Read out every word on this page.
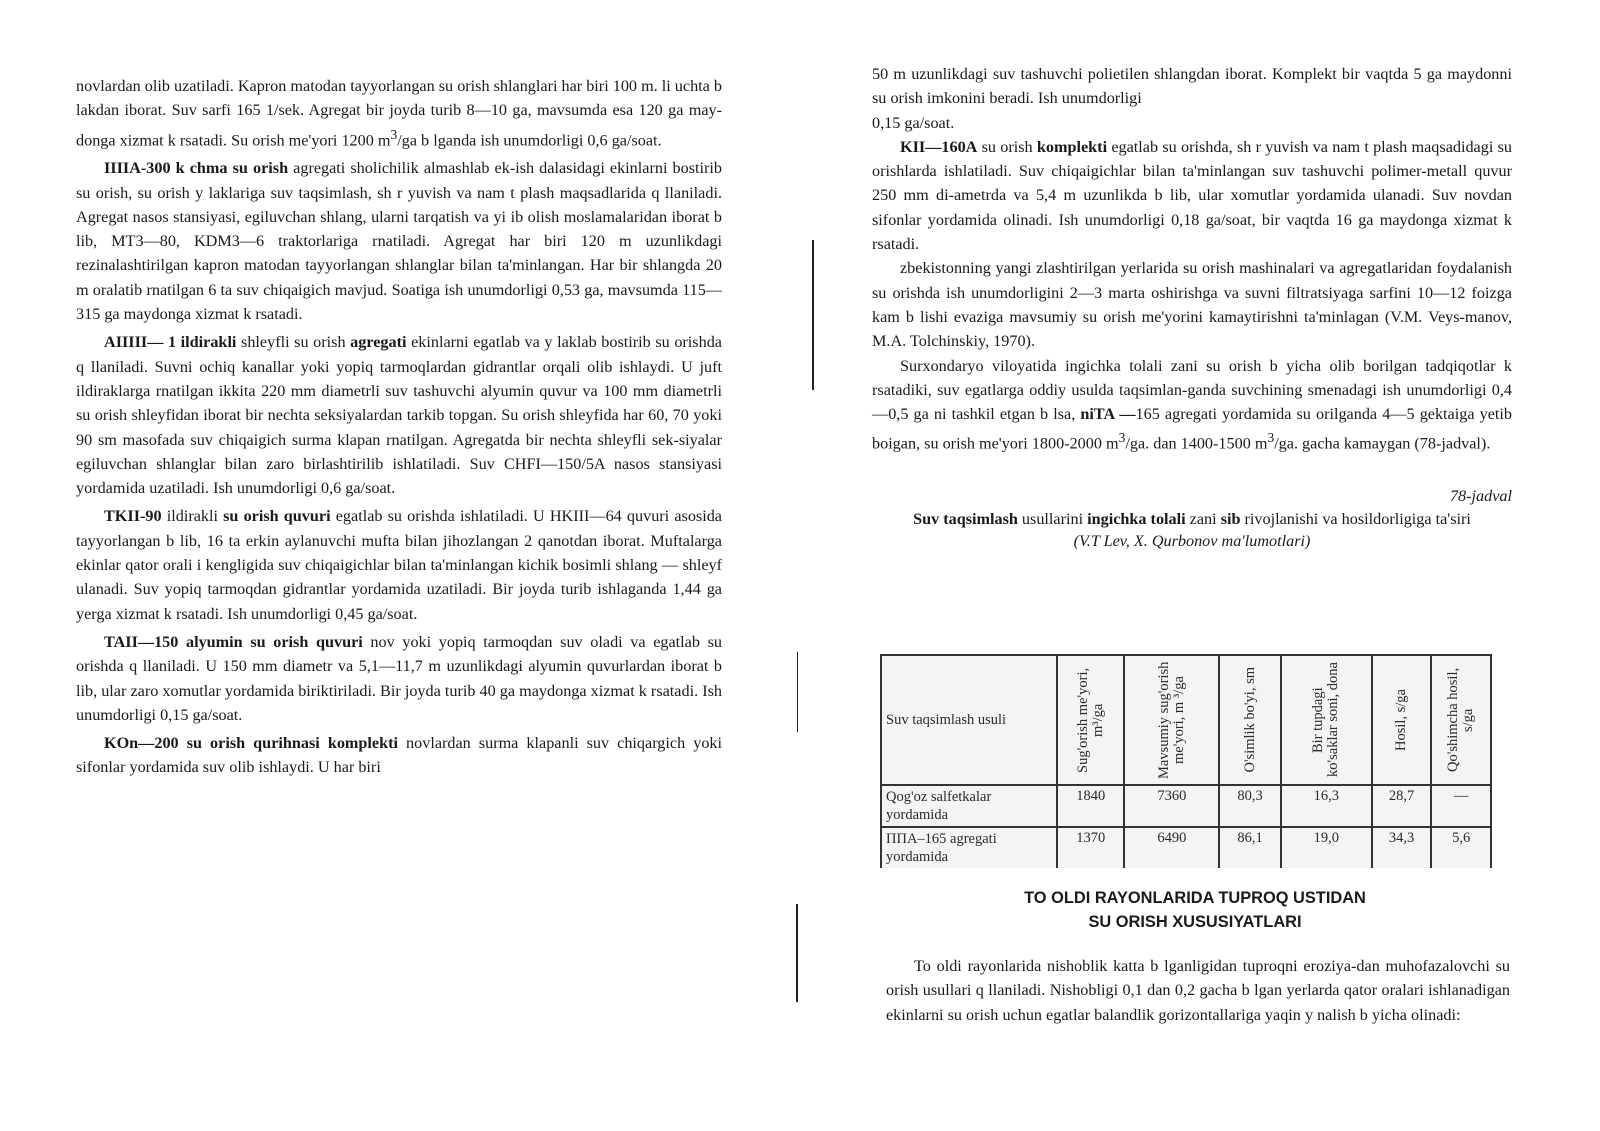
novlardan olib uzatiladi. Kapron matodan tayyorlangan su orish shlanglari har biri 100 m. li uchta b lakdan iborat. Suv sarfi 165 1/sek. Agregat bir joyda turib 8—10 ga, mavsumda esa 120 ga may-donga xizmat k rsatadi. Su orish me'yori 1200 $m^3/ga$ b lganda ish unumdorligi 0,6 ga/soat.

IIIIA-300 k chma su orish agregati sholichilik almashlab ek-ish dalasidagi ekinlarni bostirib su orish, su orish y laklariga suv taqsimlash, sh r yuvish va nam t plash maqsadlarida q llaniladi. Agregat nasos stansiyasi, egiluvchan shlang, ularni tarqatish va yi ib olish moslamalaridan iborat b lib, MT3—80, KDM3—6 traktorlariga rnatiladi. Agregat har biri 120 m uzunlikdagi rezinalashtirilgan kapron matodan tayyorlangan shlanglar bilan ta'minlangan. Har bir shlangda 20 m oralatib rnatilgan 6 ta suv chiqaigich mavjud. Soatiga ish unumdorligi 0,53 ga, mavsumda 115—315 ga maydonga xizmat k rsatadi.

AIIIII— 1 ildirakli shleyfli su orish agregati ekinlarni egatlab va y laklab bostirib su orishda q llaniladi. Suvni ochiq kanallar yoki yopiq tarmoqlardan gidrantlar orqali olib ishlaydi. U juft ildiraklarga rnatilgan ikkita 220 mm diametrli suv tashuvchi alyumin quvur va 100 mm diametrli su orish shleyfidan iborat bir nechta seksiyalardan tarkib topgan. Su orish shleyfida har 60, 70 yoki 90 sm masofada suv chiqaigich surma klapan rnatilgan. Agregatda bir nechta shleyfli sek-siyalar egiluvchan shlanglar bilan zaro birlashtirilib ishlatiladi. Suv CHFI—150/5A nasos stansiyasi yordamida uzatiladi. Ish unumdorligi 0,6 ga/soat.

TKII-90 ildirakli su orish quvuri egatlab su orishda ishlatiladi. U HKIII—64 quvuri asosida tayyorlangan b lib, 16 ta erkin aylanuvchi mufta bilan jihozlangan 2 qanotdan iborat. Muftalarga ekinlar qator orali i kengligida suv chiqaigichlar bilan ta'minlangan kichik bosimli shlang — shleyf ulanadi. Suv yopiq tarmoqdan gidrantlar yordamida uzatiladi. Bir joyda turib ishlaganda 1,44 ga yerga xizmat k rsatadi. Ish unumdorligi 0,45 ga/soat.

TAII—150 alyumin su orish quvuri nov yoki yopiq tarmoqdan suv oladi va egatlab su orishda q llaniladi. U 150 mm diametr va 5,1—11,7 m uzunlikdagi alyumin quvurlardan iborat b lib, ular zaro xomutlar yordamida biriktiriladi. Bir joyda turib 40 ga maydonga xizmat k rsatadi. Ish unumdorligi 0,15 ga/soat.

KOn—200 su orish qurihnasi komplekti novlardan surma klapanli suv chiqargich yoki sifonlar yordamida suv olib ishlaydi. U har biri

50 m uzunlikdagi suv tashuvchi polietilen shlangdan iborat. Komplekt bir vaqtda 5 ga maydonni su orish imkonini beradi. Ish unumdorligi
0,15 ga/soat.

KII—160A su orish komplekti egatlab su orishda, sh r yuvish va nam t plash maqsadidagi su orishlarda ishlatiladi. Suv chiqaigichlar bilan ta'minlangan suv tashuvchi polimer-metall quvur 250 mm di-ametrda va 5,4 m uzunlikda b lib, ular xomutlar yordamida ulanadi. Suv novdan sifonlar yordamida olinadi. Ish unumdorligi 0,18 ga/soat, bir vaqtda 16 ga maydonga xizmat k rsatadi.

zbekistonning yangi zlashtirilgan yerlarida su orish mashinalari va agregatlaridan foydalanish su orishda ish unumdorligini 2—3 marta oshirishga va suvni filtratsiyaga sarfini 10—12 foizga kam b lishi evaziga mavsumiy su orish me'yorini kamaytirishni ta'minlagan (V.M. Veys-manov, M.A. Tolchinskiy, 1970).

Surxondaryo viloyatida ingichka tolali zani su orish b yicha olib borilgan tadqiqotlar k rsatadiki, suv egatlarga oddiy usulda taqsimlan-ganda suvchining smenadagi ish unumdorligi 0,4—0,5 ga ni tashkil etgan b lsa, niTA —165 agregati yordamida su orilganda 4—5 gektaiga yetib boigan, su orish me'yori 1800-2000 $m^3/ga$. dan 1400-1500 $m^3/ga$. gacha kamaygan (78-jadval).

78-jadval
Suv taqsimlash usullarini ingichka tolali zani sib rivojlanishi va hosildorligiga ta'siri (V.T Lev, X. Qurbonov ma'lumotlari)
Suv taqsimlash usuli	Sug'orish me'yori, m³/ga	Mavsumiy sug'orish me'yori, m ³/ga	O'simlik bo'yi, sm	Bir tupdagi ko'saklar soni, dona	Hosil, s/ga	Qo'shimcha hosil, s/ga

Qog'oz salfetkalar yordamida	1840	7360	80,3	16,3	28,7	—
ППА–165 agregati yordamida	1370	6490	86,1	19,0	34,3	5,6
TO OLDI RAYONLARIDA TUPROQ USTIDAN
SU ORISH XUSUSIYATLARI

To oldi rayonlarida nishoblik katta b lganligidan tuproqni eroziya-dan muhofazalovchi su orish usullari q llaniladi. Nishobligi 0,1 dan 0,2 gacha b lgan yerlarda qator oralari ishlanadigan ekinlarni su orish uchun egatlar balandlik gorizontallariga yaqin y nalish b yicha olinadi:
